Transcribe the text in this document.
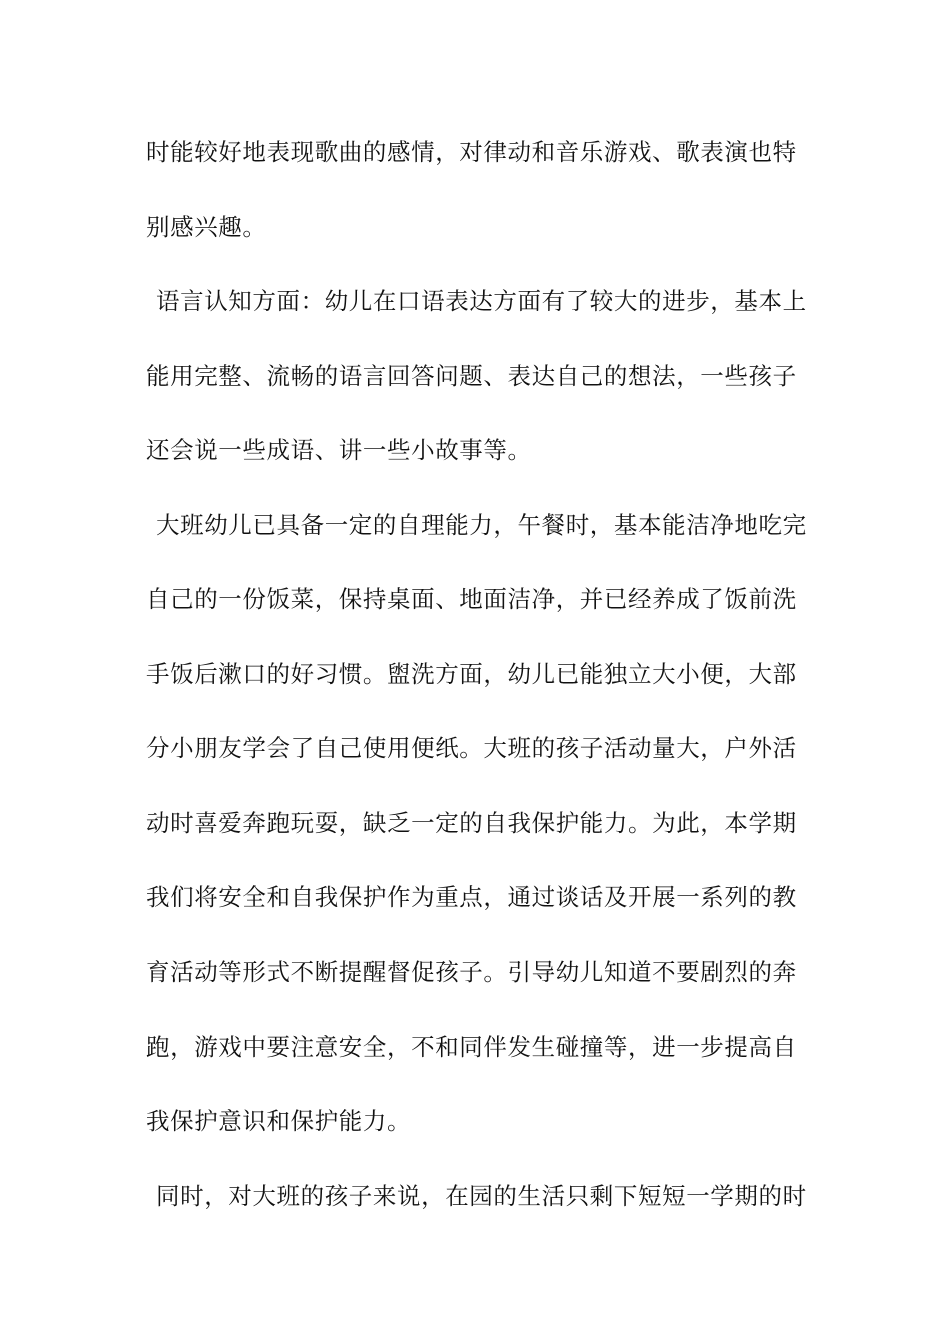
时能较好地表现歌曲的感情，对律动和音乐游戏、歌表演也特
别感兴趣。
语言认知方面：幼儿在口语表达方面有了较大的进步，基本上
能用完整、流畅的语言回答问题、表达自己的想法，一些孩子
还会说一些成语、讲一些小故事等。
大班幼儿已具备一定的自理能力，午餐时，基本能洁净地吃完
自己的一份饭菜，保持桌面、地面洁净，并已经养成了饭前洗
手饭后漱口的好习惯。盥洗方面，幼儿已能独立大小便，大部
分小朋友学会了自己使用便纸。大班的孩子活动量大，户外活
动时喜爱奔跑玩耍，缺乏一定的自我保护能力。为此，本学期
我们将安全和自我保护作为重点，通过谈话及开展一系列的教
育活动等形式不断提醒督促孩子。引导幼儿知道不要剧烈的奔
跑，游戏中要注意安全，不和同伴发生碰撞等，进一步提高自
我保护意识和保护能力。
同时，对大班的孩子来说，在园的生活只剩下短短一学期的时
